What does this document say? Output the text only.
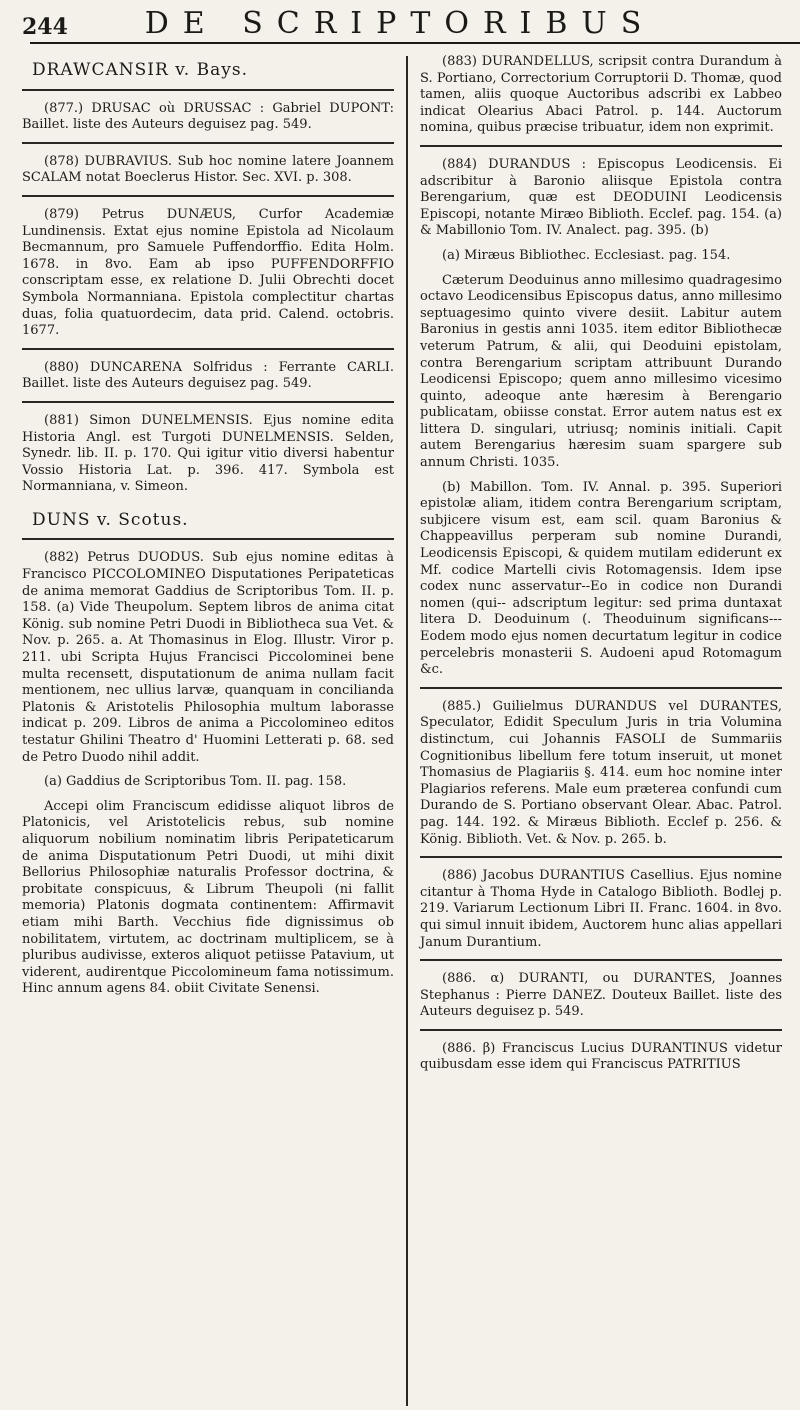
244	DE SCRIPTORIBUS
DRAWCANSIR v. Bays.
(877.) DRUSAC où DRUSSAC : Gabriel DUPONT: Baillet. liste des Auteurs deguisez pag. 549.
(878) DUBRAVIUS. Sub hoc nomine latere Joannem SCALAM notat Boeclerus Histor. Sec. XVI. p. 308.
(879) Petrus DUNÆUS, Curfor Academiæ Lundinensis. Extat ejus nomine Epistola ad Nicolaum Becmannum, pro Samuele Puffendorffio. Edita Holm. 1678. in 8vo. Eam ab ipso PUFFENDORFFIO conscriptam esse, ex relatione D. Julii Obrechti docet Symbola Normanniana. Epistola complectitur chartas duas, folia quatuordecim, data prid. Calend. octobris. 1677.
(880) DUNCARENA Solfridus : Ferrante CARLI. Baillet. liste des Auteurs deguisez pag. 549.
(881) Simon DUNELMENSIS. Ejus nomine edita Historia Angl. est Turgoti DUNELMENSIS. Selden, Synedr. lib. II. p. 170. Qui igitur vitio diversi habentur Vossio Historia Lat. p. 396. 417. Symbola est Normanniana, v. Simeon.
DUNS v. Scotus.
(882) Petrus DUODUS. Sub ejus nomine editas à Francisco PICCOLOMINEO Disputationes Peripateticas de anima memorat Gaddius de Scriptoribus Tom. II. p. 158. (a) Vide Theupolum. Septem libros de anima citat König. sub nomine Petri Duodi in Bibliotheca sua Vet. & Nov. p. 265. a. At Thomasinus in Elog. Illustr. Viror p. 211. ubi Scripta Hujus Francisci Piccolominei bene multa recensett, disputationum de anima nullam facit mentionem, nec ullius larvæ, quanquam in concilianda Platonis & Aristotelis Philosophia multum laborasse indicat p. 209. Libros de anima a Piccolomineo editos testatur Ghilini Theatro d' Huomini Letterati p. 68. sed de Petro Duodo nihil addit.
(a) Gaddius de Scriptoribus Tom. II. pag. 158.
Accepi olim Franciscum edidisse aliquot libros de Platonicis, vel Aristotelicis rebus, sub nomine aliquorum nobilium nominatim libris Peripateticarum de anima Disputationum Petri Duodi, ut mihi dixit Bellorius Philosophiæ naturalis Professor doctrina, & probitate conspicuus, & Librum Theupoli (ni fallit memoria) Platonis dogmata continentem: Affirmavit etiam mihi Barth. Vecchius fide dignissimus ob nobilitatem, virtutem, ac doctrinam multiplicem, se à pluribus audivisse, exteros aliquot petiisse Patavium, ut viderent, audirentque Piccolomineum fama notissimum. Hinc annum agens 84. obiit Civitate Senensi.
(883) DURANDELLUS, scripsit contra Durandum à S. Portiano, Correctorium Corruptorii D. Thomæ, quod tamen, aliis quoque Auctoribus adscribi ex Labbeo indicat Olearius Abaci Patrol. p. 144. Auctorum nomina, quibus præcise tribuatur, idem non exprimit.
(884) DURANDUS : Episcopus Leodicensis. Ei adscribitur à Baronio aliisque Epistola contra Berengarium, quæ est DEODUINI Leodicensis Episcopi, notante Miræo Biblioth. Ecclef. pag. 154. (a) & Mabillonio Tom. IV. Analect. pag. 395. (b)
(a) Miræus Bibliothec. Ecclesiast. pag. 154.
Cæterum Deoduinus anno millesimo quadragesimo octavo Leodicensibus Episcopus datus, anno millesimo septuagesimo quinto vivere desiit. Labitur autem Baronius in gestis anni 1035. item editor Bibliothecæ veterum Patrum, & alii, qui Deoduini epistolam, contra Berengarium scriptam attribuunt Durando Leodicensi Episcopo; quem anno millesimo vicesimo quinto, adeoque ante hæresim à Berengario publicatam, obiisse constat. Error autem natus est ex littera D. singulari, utriusq; nominis initiali. Capit autem Berengarius hæresim suam spargere sub annum Christi. 1035.
(b) Mabillon. Tom. IV. Annal. p. 395. Superiori epistolæ aliam, itidem contra Berengarium scriptam, subjicere visum est, eam scil. quam Baronius & Chappeavillus perperam sub nomine Durandi, Leodicensis Episcopi, & quidem mutilam ediderunt ex Mf. codice Martelli civis Rotomagensis. Idem ipse codex nunc asservatur--Eo in codice non Durandi nomen (qui-- adscriptum legitur: sed prima duntaxat litera D. Deoduinum (. Theoduinum significans---Eodem modo ejus nomen decurtatum legitur in codice percelebris monasterii S. Audoeni apud Rotomagum &c.
(885.) Guilielmus DURANDUS vel DURANTES, Speculator, Edidit Speculum Juris in tria Volumina distinctum, cui Johannis FASOLI de Summariis Cognitionibus libellum fere totum inseruit, ut monet Thomasius de Plagiariis §. 414. eum hoc nomine inter Plagiarios referens. Male eum præterea confundi cum Durando de S. Portiano observant Olear. Abac. Patrol. pag. 144. 192. & Miræus Biblioth. Ecclef p. 256. & König. Biblioth. Vet. & Nov. p. 265. b.
(886) Jacobus DURANTIUS Casellius. Ejus nomine citantur à Thoma Hyde in Catalogo Biblioth. Bodlej p. 219. Variarum Lectionum Libri II. Franc. 1604. in 8vo. qui simul innuit ibidem, Auctorem hunc alias appellari Janum Durantium.
(886. α) DURANTI, ou DURANTES, Joannes Stephanus : Pierre DANEZ. Douteux Baillet. liste des Auteurs deguisez p. 549.
(886. β) Franciscus Lucius DURANTINUS videtur quibusdam esse idem qui Franciscus PATRITIUS
